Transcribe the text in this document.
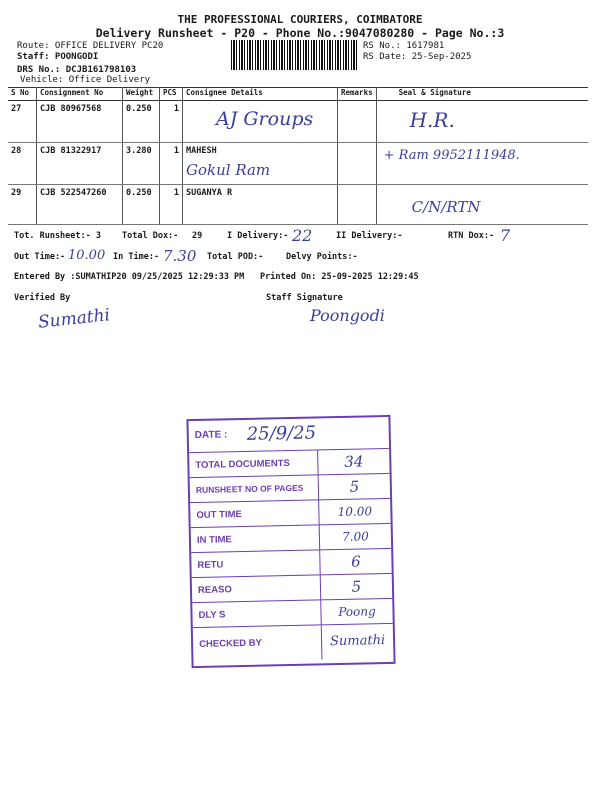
THE PROFESSIONAL COURIERS, COIMBATORE
Delivery Runsheet - P20 - Phone No.:9047080280 - Page No.:3
Route: OFFICE DELIVERY PC20
Staff: POONGODI
DRS No.: DCJB161798103
Vehicle: Office Delivery
RS No.: 1617981
RS Date: 25-Sep-2025
S No	Consignment No	Weight	PCS	Consignee Details	Remarks	Seal & Signature
27	CJB 80967568	0.250	1	AJ Groups		H.R.

28	CJB 81322917	3.280	1	MAHESH
Gokul Ram		+ Ram 9952111948.

29	CJB 522547260	0.250	1	SUGANYA R		C/N/RTN
Tot. Runsheet:- 3 Total Dox:- 29	I Delivery:- 22	II Delivery:-	RTN Dox:- 7
Out Time:- 10.00 In Time:- 7.30 Total POD:-	Delvy Points:-
Entered By :SUMATHIP20 09/25/2025 12:29:33 PM Printed On: 25-09-2025 12:29:45
Verified By
Sumathi
Staff Signature
Poongodi
DATE : 25/9/25
TOTAL DOCUMENTS	34
RUNSHEET NO OF PAGES	5
OUT TIME	10.00
IN TIME	7.00
RETU	6
REASO	5
DLY S	Poong
CHECKED BY	Sumathi
